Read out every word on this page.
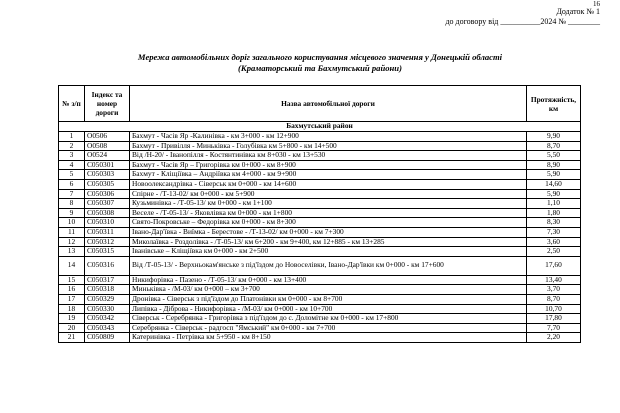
16
Додаток № 1
до договору від __________2024 № ________
Мережа автомобільних доріг загального користування місцевого значення у Донецькій області
(Краматорський та Бахмутський райони)
№ з/п	Індекс та номер дороги	Назва автомобільної дороги	Протяжність, км
Бахмутський район			
1	О0506	Бахмут - Часів Яр -Калинівка - км 3+000 - км 12+900	9,90
2	О0508	Бахмут - Привілля - Миньківка - Голубівка км 5+800 - км 14+500	8,70
3	О0524	Від /Н-20/ - Іванопілля - Костянтинівка км 8+030 - км 13+530	5,50
4	С050301	Бахмут - Часів Яр – Григорівка км 0+000 - км 8+900	8,90
5	С050303	Бахмут - Кліщіївка – Андріївка км 4+000 - км 9+900	5,90
6	С050305	Новоолександрівка - Сіверськ км 0+000 - км 14+600	14,60
7	С050306	Спірне - /Т-13-02/ км 0+000 - км 5+900	5,90
8	С050307	Кузьминівка - /Т-05-13/ км 0+000 - км 1+100	1,10
9	С050308	Веселе - /Т-05-13/ - Яковлівка км 0+000 - км 1+800	1,80
10	С050310	Свято-Покровське – Федорівка км 0+000 - км 8+300	8,30
11	С050311	Івано-Дар'ївка - Виїмка - Берестове - /Т-13-02/ км 0+000 - км 7+300	7,30
12	С050312	Миколаївка - Роздолівка - /Т-05-13/ км 6+200 - км 9+400, км 12+885 - км 13+285	3,60
13	С050315	Іванівське – Кліщіївка км 0+000 - км 2+500	2,50
14	С050316	Від /Т-05-13/ - Верхньокам'янське з під'їздом до Новоселівки, Івано-Дар'ївки км 0+000 - км 17+600	17,60
15	С050317	Никифорівка - Пазено - /Т-05-13/ км 0+000 - км 13+400	13,40
16	С050318	Миньківка - /М-03/ км 0+000 – км 3+700	3,70
17	С050329	Дронівка - Сіверськ з під'їздом до Платонівки км 0+000 - км 8+700	8,70
18	С050330	Липівка - Діброва - Никифорівка - /М-03/ км 0+000 - км 10+700	10,70
19	С050342	Сіверськ - Серебрянка - Григорівка з під'їздом до с. Доломітне км 0+000 - км 17+800	17,80
20	С050343	Серебрянка - Сіверськ - радгосп "Ямський" км 0+000 - км 7+700	7,70
21	С050809	Катеринівка - Петрівка км 5+950 - км 8+150	2,20
